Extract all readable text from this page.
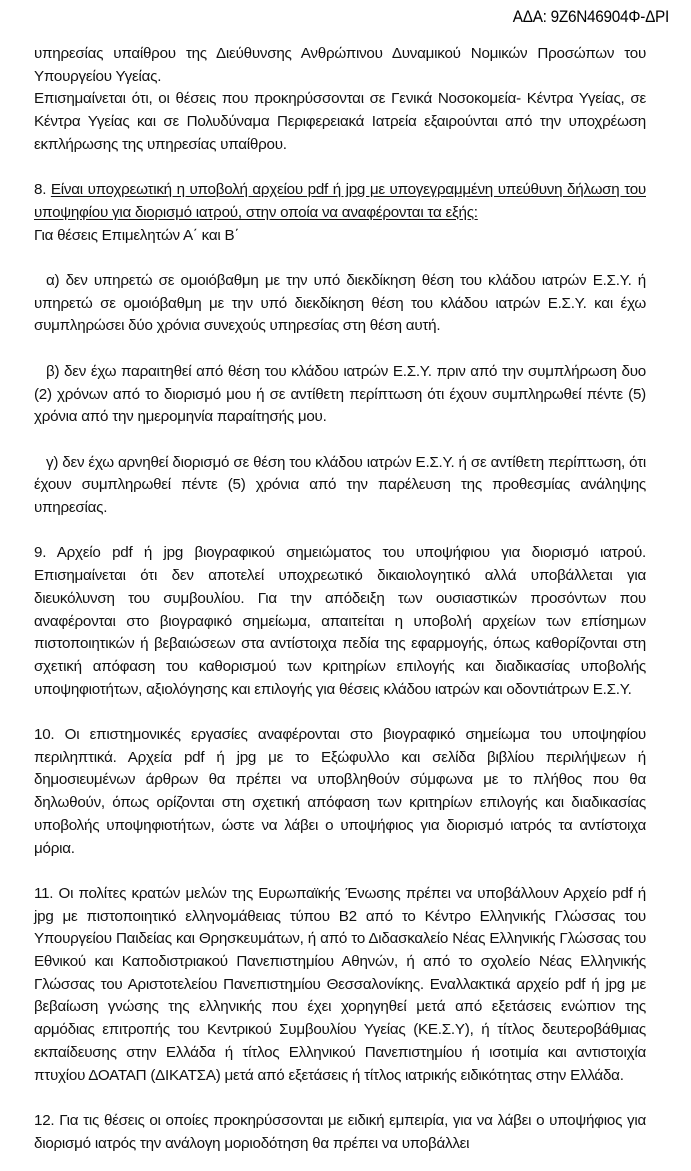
ΑΔΑ: 9Ζ6Ν46904Φ-ΔΡΙ

υπηρεσίας υπαίθρου της Διεύθυνσης Ανθρώπινου Δυναμικού Νομικών Προσώπων του Υπουργείου Υγείας.

Επισημαίνεται ότι, οι θέσεις που προκηρύσσονται σε Γενικά Νοσοκομεία- Κέντρα Υγείας, σε Κέντρα Υγείας και σε Πολυδύναμα Περιφερειακά Ιατρεία εξαιρούνται από την υποχρέωση εκπλήρωσης της υπηρεσίας υπαίθρου.

8. Είναι υποχρεωτική η υποβολή αρχείου pdf ή jpg με υπογεγραμμένη υπεύθυνη δήλωση του υποψηφίου για διορισμό ιατρού, στην οποία να αναφέρονται τα εξής:

Για θέσεις Επιμελητών Α΄ και Β΄

α) δεν υπηρετώ σε ομοιόβαθμη με την υπό διεκδίκηση θέση του κλάδου ιατρών Ε.Σ.Υ. ή υπηρετώ σε ομοιόβαθμη με την υπό διεκδίκηση θέση του κλάδου ιατρών Ε.Σ.Υ. και έχω συμπληρώσει δύο χρόνια συνεχούς υπηρεσίας στη θέση αυτή.

β) δεν έχω παραιτηθεί από θέση του κλάδου ιατρών Ε.Σ.Υ. πριν από την συμπλήρωση δυο (2) χρόνων από το διορισμό μου ή σε αντίθετη περίπτωση ότι έχουν συμπληρωθεί πέντε (5) χρόνια από την ημερομηνία παραίτησής μου.

γ) δεν έχω αρνηθεί διορισμό σε θέση του κλάδου ιατρών Ε.Σ.Υ. ή σε αντίθετη περίπτωση, ότι έχουν συμπληρωθεί πέντε (5) χρόνια από την παρέλευση της προθεσμίας ανάληψης υπηρεσίας.

9. Αρχείο pdf ή jpg βιογραφικού σημειώματος του υποψήφιου για διορισμό ιατρού. Επισημαίνεται ότι δεν αποτελεί υποχρεωτικό δικαιολογητικό αλλά υποβάλλεται για διευκόλυνση του συμβουλίου. Για την απόδειξη των ουσιαστικών προσόντων που αναφέρονται στο βιογραφικό σημείωμα, απαιτείται η υποβολή αρχείων των επίσημων πιστοποιητικών ή βεβαιώσεων στα αντίστοιχα πεδία της εφαρμογής, όπως καθορίζονται στη σχετική απόφαση του καθορισμού των κριτηρίων επιλογής και διαδικασίας υποβολής υποψηφιοτήτων, αξιολόγησης και επιλογής για θέσεις κλάδου ιατρών και οδοντιάτρων Ε.Σ.Υ.

10. Οι επιστημονικές εργασίες αναφέρονται στο βιογραφικό σημείωμα του υποψηφίου περιληπτικά. Αρχεία pdf ή jpg με το Εξώφυλλο και σελίδα βιβλίου περιλήψεων ή δημοσιευμένων άρθρων θα πρέπει να υποβληθούν σύμφωνα με το πλήθος που θα δηλωθούν, όπως ορίζονται στη σχετική απόφαση των κριτηρίων επιλογής και διαδικασίας υποβολής υποψηφιοτήτων, ώστε να λάβει ο υποψήφιος για διορισμό ιατρός τα αντίστοιχα μόρια.

11. Οι πολίτες κρατών μελών της Ευρωπαϊκής Ένωσης πρέπει να υποβάλλουν Αρχείο pdf ή jpg με πιστοποιητικό ελληνομάθειας τύπου Β2 από το Κέντρο Ελληνικής Γλώσσας του Υπουργείου Παιδείας και Θρησκευμάτων, ή από το Διδασκαλείο Νέας Ελληνικής Γλώσσας του Εθνικού και Καποδιστριακού Πανεπιστημίου Αθηνών, ή από το σχολείο Νέας Ελληνικής Γλώσσας του Αριστοτελείου Πανεπιστημίου Θεσσαλονίκης. Εναλλακτικά αρχείο pdf ή jpg με βεβαίωση γνώσης της ελληνικής που έχει χορηγηθεί μετά από εξετάσεις ενώπιον της αρμόδιας επιτροπής του Κεντρικού Συμβουλίου Υγείας (ΚΕ.Σ.Υ), ή τίτλος δευτεροβάθμιας εκπαίδευσης στην Ελλάδα ή τίτλος Ελληνικού Πανεπιστημίου ή ισοτιμία και αντιστοιχία πτυχίου ΔΟΑΤΑΠ (ΔΙΚΑΤΣΑ) μετά από εξετάσεις ή τίτλος ιατρικής ειδικότητας στην Ελλάδα.

12. Για τις θέσεις οι οποίες προκηρύσσονται με ειδική εμπειρία, για να λάβει ο υποψήφιος για διορισμό ιατρός την ανάλογη μοριοδότηση θα πρέπει να υποβάλλει
